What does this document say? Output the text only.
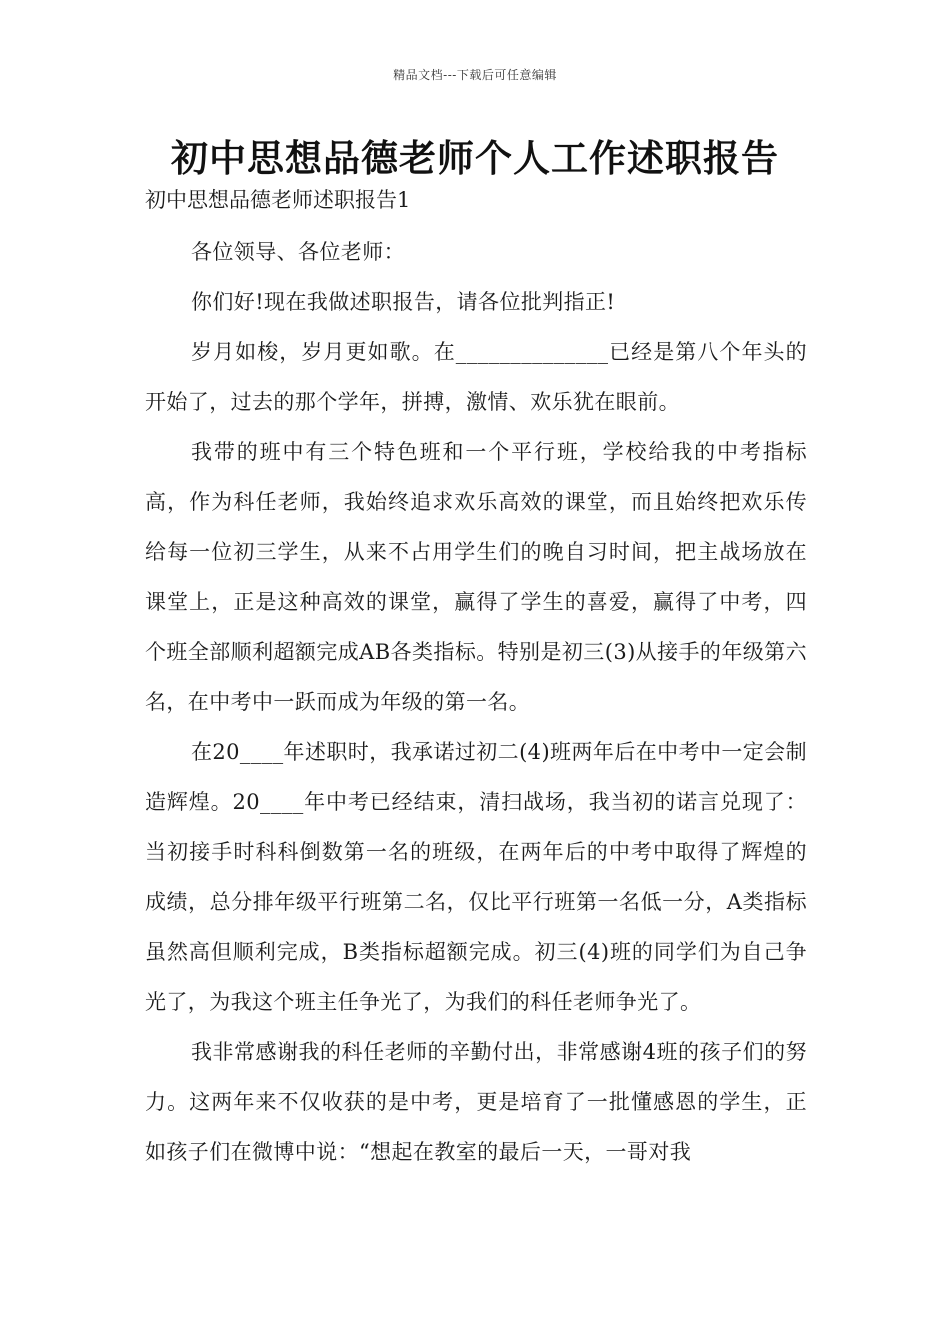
精品文档---下载后可任意编辑
初中思想品德老师个人工作述职报告
初中思想品德老师述职报告1

各位领导、各位老师：

你们好!现在我做述职报告，请各位批判指正!

岁月如梭，岁月更如歌。在______________已经是第八个年头的开始了，过去的那个学年，拼搏，激情、欢乐犹在眼前。

我带的班中有三个特色班和一个平行班，学校给我的中考指标高，作为科任老师，我始终追求欢乐高效的课堂，而且始终把欢乐传给每一位初三学生，从来不占用学生们的晚自习时间，把主战场放在课堂上，正是这种高效的课堂，赢得了学生的喜爱，赢得了中考，四个班全部顺利超额完成AB各类指标。特别是初三(3)从接手的年级第六名，在中考中一跃而成为年级的第一名。

在20____年述职时，我承诺过初二(4)班两年后在中考中一定会制造辉煌。20____年中考已经结束，清扫战场，我当初的诺言兑现了：当初接手时科科倒数第一名的班级，在两年后的中考中取得了辉煌的成绩，总分排年级平行班第二名，仅比平行班第一名低一分，A类指标虽然高但顺利完成，B类指标超额完成。初三(4)班的同学们为自己争光了，为我这个班主任争光了，为我们的科任老师争光了。

我非常感谢我的科任老师的辛勤付出，非常感谢4班的孩子们的努力。这两年来不仅收获的是中考，更是培育了一批懂感恩的学生，正如孩子们在微博中说：“想起在教室的最后一天，一哥对我
